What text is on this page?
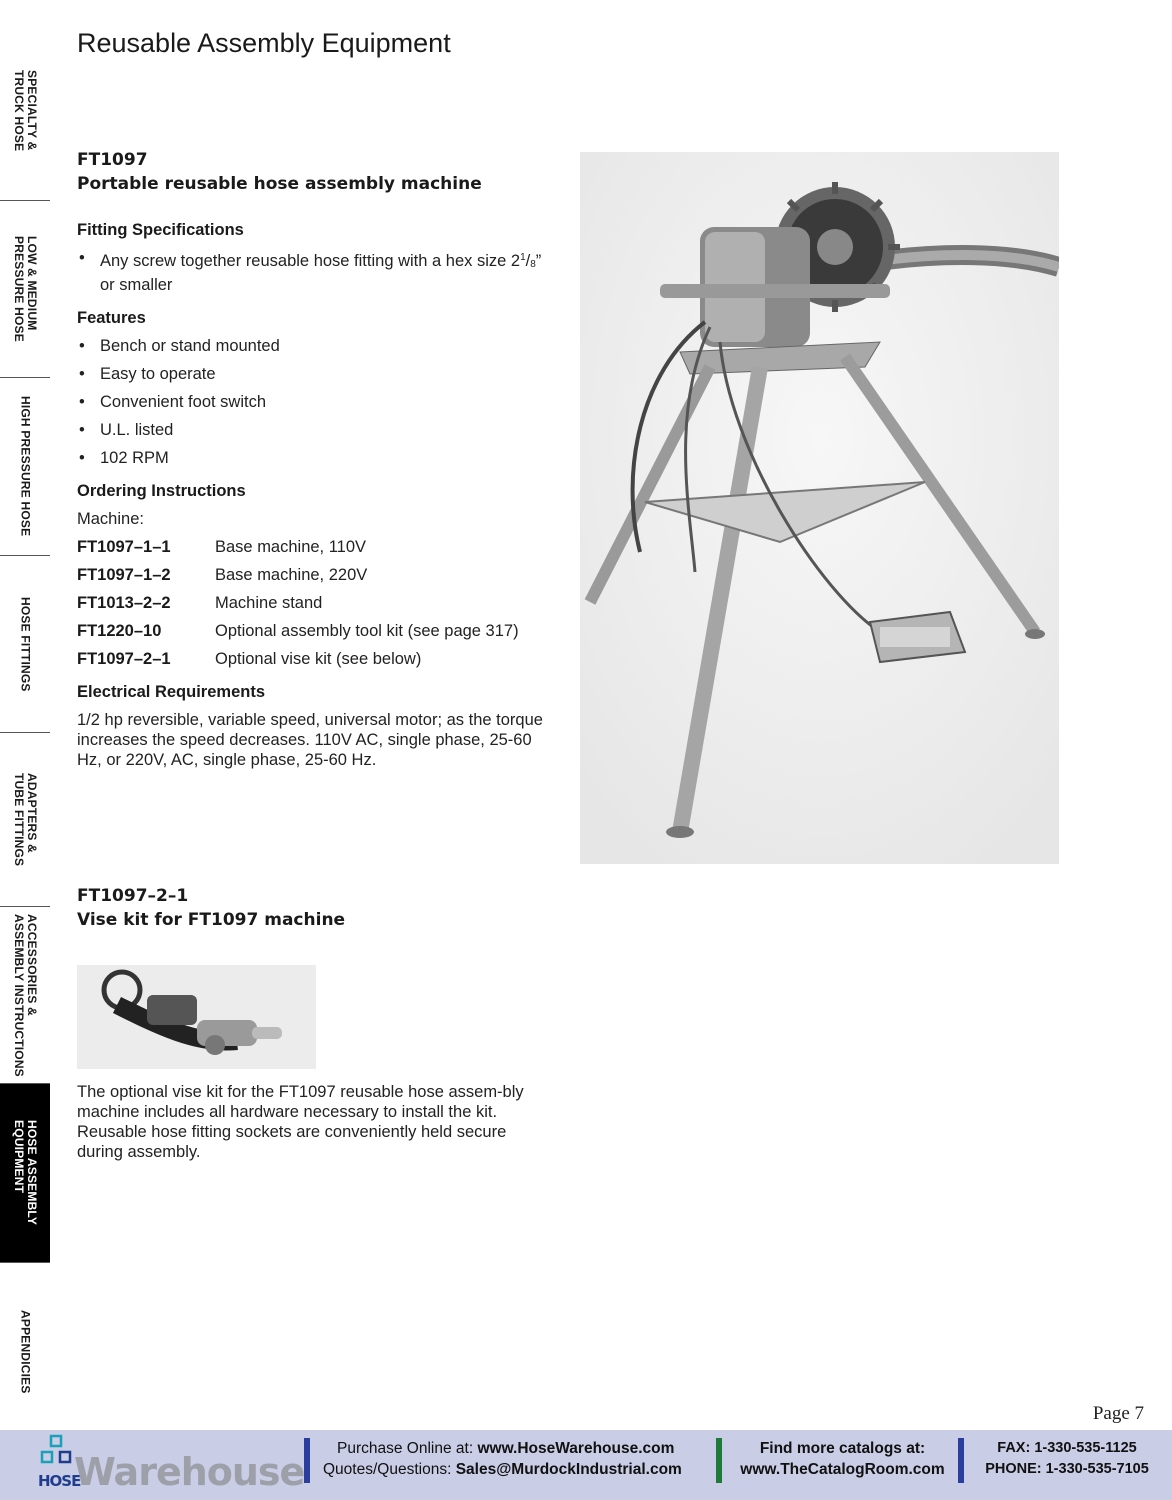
SPECIALTY &
TRUCK HOSE
LOW & MEDIUM
PRESSURE HOSE
HIGH PRESSURE HOSE
HOSE FITTINGS
ADAPTERS &
TUBE FITTINGS
ACCESSORIES &
ASSEMBLY INSTRUCTIONS
HOSE ASSEMBLY
EQUIPMENT
APPENDICIES
Reusable Assembly Equipment
FT1097
Portable reusable hose assembly machine
Fitting Specifications
• Any screw together reusable hose fitting with a hex size $2^1/_8$” or smaller
Features
• Bench or stand mounted
• Easy to operate
• Convenient foot switch
• U.L. listed
• 102 RPM
Ordering Instructions
Machine:
FT1097–1–1	Base machine, 110V
FT1097–1–2	Base machine, 220V
FT1013–2–2	Machine stand
FT1220–10	Optional assembly tool kit (see page 317)
FT1097–2–1	Optional vise kit (see below)
Electrical Requirements
1/2 hp reversible, variable speed, universal motor; as the torque increases the speed decreases. 110V AC, single phase, 25-60 Hz, or 220V, AC, single phase, 25-60 Hz.
FT1097–2–1
Vise kit for FT1097 machine
The optional vise kit for the FT1097 reusable hose assem-bly machine includes all hardware necessary to install the kit. Reusable hose fitting sockets are conveniently held secure during assembly.
Page 7
HOSE
Warehouse
Purchase Online at: www.HoseWarehouse.com
Quotes/Questions: Sales@MurdockIndustrial.com
Find more catalogs at:
www.TheCatalogRoom.com
FAX: 1-330-535-1125
PHONE: 1-330-535-7105
